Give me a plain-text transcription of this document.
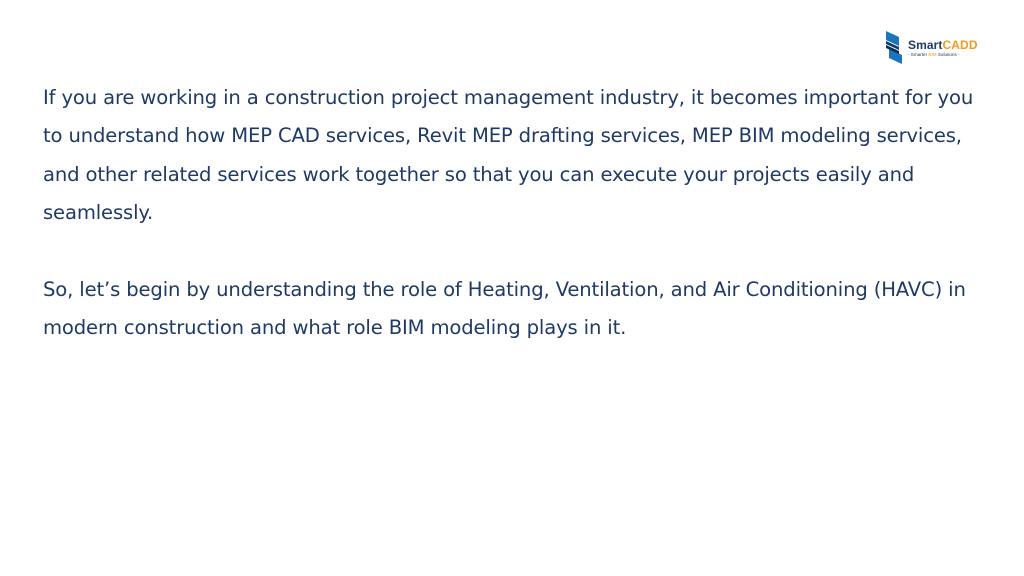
SmartCADD
- Smarter BIM Solutions -

If you are working in a construction project management industry, it becomes important for you to understand how MEP CAD services, Revit MEP drafting services, MEP BIM modeling services, and other related services work together so that you can execute your projects easily and seamlessly.

So, let’s begin by understanding the role of Heating, Ventilation, and Air Conditioning (HAVC) in modern construction and what role BIM modeling plays in it.
